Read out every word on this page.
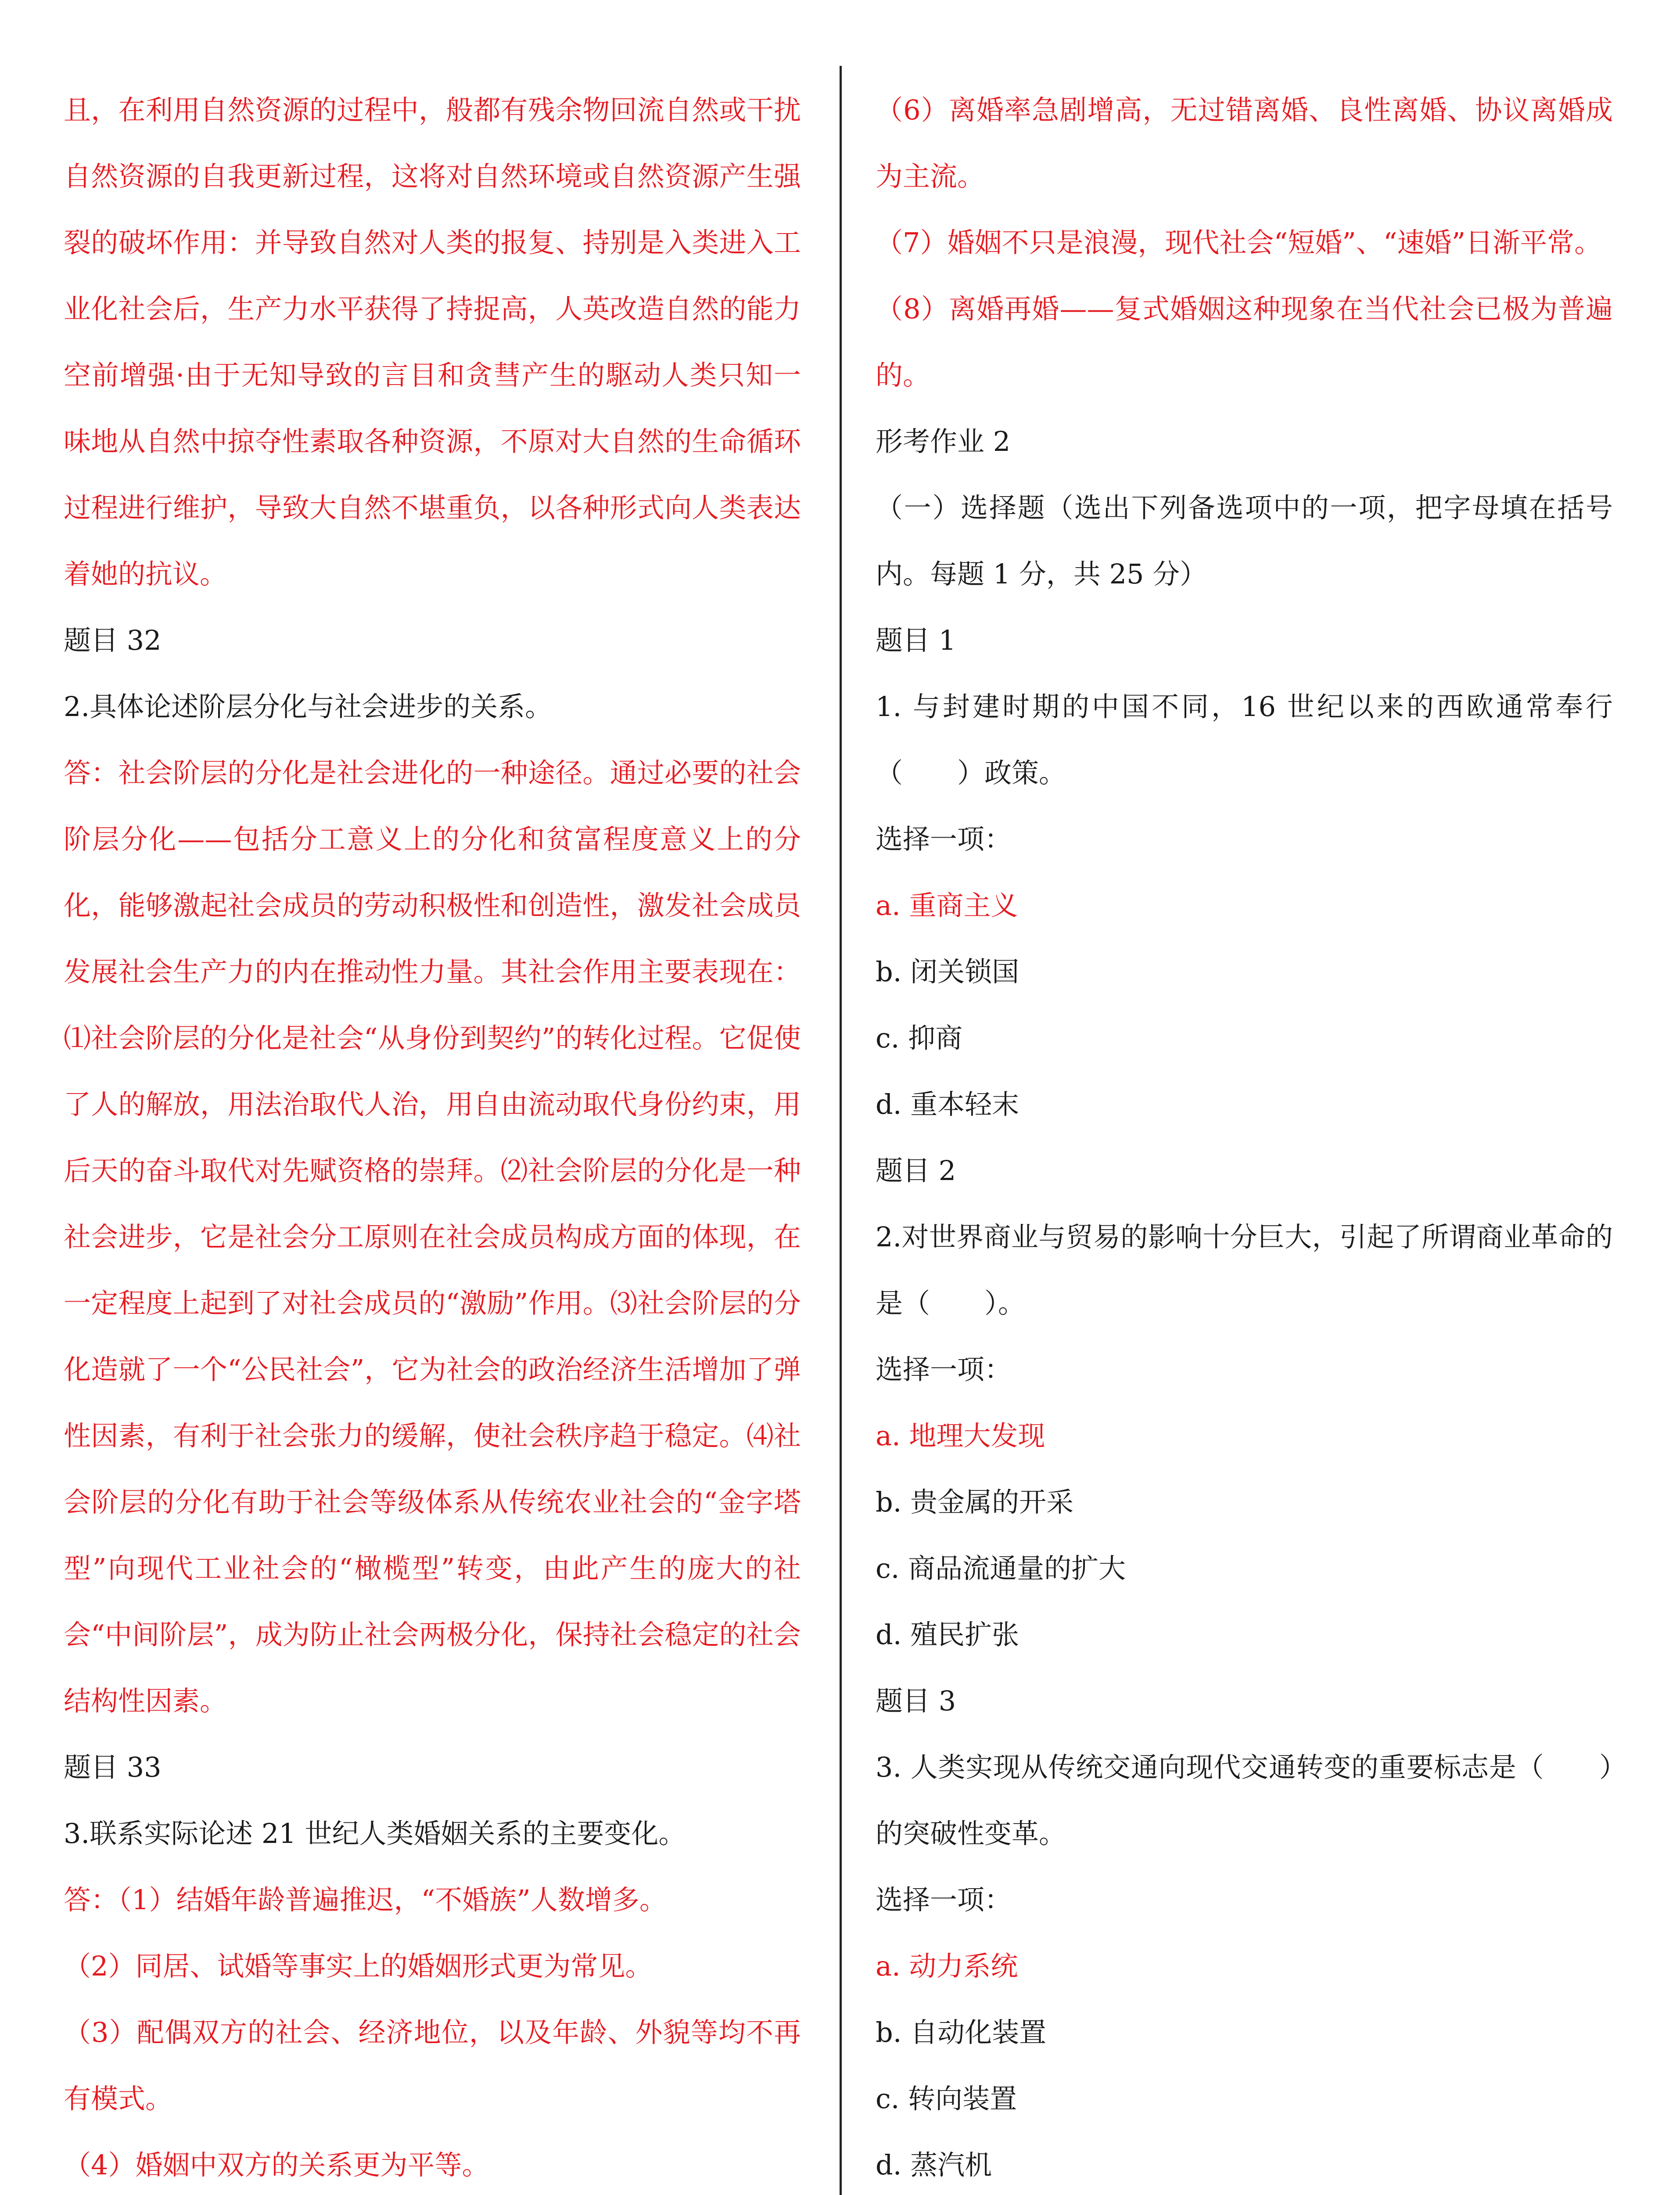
且，在利用自然资源的过程中，般都有残余物回流自然或干扰自然资源的自我更新过程，这将对自然环境或自然资源产生强裂的破坏作用：并导致自然对人类的报复、持别是入类进入工业化社会后，生产力水平获得了持捉高，人英改造自然的能力空前增强·由于无知导致的言目和贪彗产生的駆动人类只知一味地从自然中掠夺性素取各种资源，不原对大自然的生命循环过程进行维护，导致大自然不堪重负，以各种形式向人类表达着她的抗议。

题目 32

2.具体论述阶层分化与社会进步的关系。

答：社会阶层的分化是社会进化的一种途径。通过必要的社会阶层分化——包括分工意义上的分化和贫富程度意义上的分化，能够激起社会成员的劳动积极性和创造性，激发社会成员发展社会生产力的内在推动性力量。其社会作用主要表现在：⑴社会阶层的分化是社会“从身份到契约”的转化过程。它促使了人的解放，用法治取代人治，用自由流动取代身份约束，用后天的奋斗取代对先赋资格的崇拜。⑵社会阶层的分化是一种社会进步，它是社会分工原则在社会成员构成方面的体现，在一定程度上起到了对社会成员的“激励”作用。⑶社会阶层的分化造就了一个“公民社会”，它为社会的政治经济生活增加了弹性因素，有利于社会张力的缓解，使社会秩序趋于稳定。⑷社会阶层的分化有助于社会等级体系从传统农业社会的“金字塔型”向现代工业社会的“橄榄型”转变，由此产生的庞大的社会“中间阶层”，成为防止社会两极分化，保持社会稳定的社会结构性因素。

题目 33

3.联系实际论述 21 世纪人类婚姻关系的主要变化。

答：（1）结婚年龄普遍推迟，“不婚族”人数增多。

（2）同居、试婚等事实上的婚姻形式更为常见。

（3）配偶双方的社会、经济地位，以及年龄、外貌等均不再有模式。

（4）婚姻中双方的关系更为平等。

（6）离婚率急剧增高，无过错离婚、良性离婚、协议离婚成为主流。

（7）婚姻不只是浪漫，现代社会“短婚”、“速婚”日渐平常。

（8）离婚再婚——复式婚姻这种现象在当代社会已极为普遍的。

形考作业 2

（一）选择题（选出下列备选项中的一项，把字母填在括号内。每题 1 分，共 25 分）

题目 1

1. 与封建时期的中国不同，16 世纪以来的西欧通常奉行（　　）政策。

选择一项：

a. 重商主义

b. 闭关锁国

c. 抑商

d. 重本轻末

题目 2

2.对世界商业与贸易的影响十分巨大，引起了所谓商业革命的是（　　）。

选择一项：

a. 地理大发现

b. 贵金属的开采

c. 商品流通量的扩大

d. 殖民扩张

题目 3

3. 人类实现从传统交通向现代交通转变的重要标志是（　　）的突破性变革。

选择一项：

a. 动力系统

b. 自动化装置

c. 转向装置

d. 蒸汽机
